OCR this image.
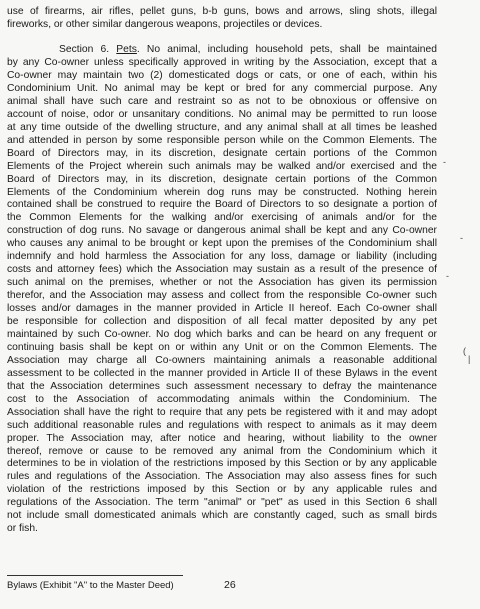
use of firearms, air rifles, pellet guns, b-b guns, bows and arrows, sling shots, illegal
fireworks, or other similar dangerous weapons, projectiles or devices.
Section 6. Pets. No animal, including household pets, shall be maintained
by any Co-owner unless specifically approved in writing by the Association, except that a
Co-owner may maintain two (2) domesticated dogs or cats, or one of each, within his
Condominium Unit. No animal may be kept or bred for any commercial purpose. Any
animal shall have such care and restraint so as not to be obnoxious or offensive on
account of noise, odor or unsanitary conditions. No animal may be permitted to run loose
at any time outside of the dwelling structure, and any animal shall at all times be leashed
and attended in person by some responsible person while on the Common Elements. The
Board of Directors may, in its discretion, designate certain portions of the Common
Elements of the Project wherein such animals may be walked and/or exercised and the
Board of Directors may, in its discretion, designate certain portions of the Common
Elements of the Condominium wherein dog runs may be constructed. Nothing herein
contained shall be construed to require the Board of Directors to so designate a portion of
the Common Elements for the walking and/or exercising of animals and/or for the
construction of dog runs. No savage or dangerous animal shall be kept and any Co-owner
who causes any animal to be brought or kept upon the premises of the Condominium shall
indemnify and hold harmless the Association for any loss, damage or liability (including
costs and attorney fees) which the Association may sustain as a result of the presence of
such animal on the premises, whether or not the Association has given its permission
therefor, and the Association may assess and collect from the responsible Co-owner such
losses and/or damages in the manner provided in Article II hereof. Each Co-owner shall
be responsible for collection and disposition of all fecal matter deposited by any pet
maintained by such Co-owner. No dog which barks and can be heard on any frequent or
continuing basis shall be kept on or within any Unit or on the Common Elements. The
Association may charge all Co-owners maintaining animals a reasonable additional
assessment to be collected in the manner provided in Article II of these Bylaws in the event
that the Association determines such assessment necessary to defray the maintenance
cost to the Association of accommodating animals within the Condominium. The
Association shall have the right to require that any pets be registered with it and may adopt
such additional reasonable rules and regulations with respect to animals as it may deem
proper. The Association may, after notice and hearing, without liability to the owner
thereof, remove or cause to be removed any animal from the Condominium which it
determines to be in violation of the restrictions imposed by this Section or by any applicable
rules and regulations of the Association. The Association may also assess fines for such
violation of the restrictions imposed by this Section or by any applicable rules and
regulations of the Association. The term "animal" or "pet" as used in this Section 6 shall
not include small domesticated animals which are constantly caged, such as small birds
or fish.
-
-
-
(
|
Bylaws (Exhibit "A" to the Master Deed)	26
